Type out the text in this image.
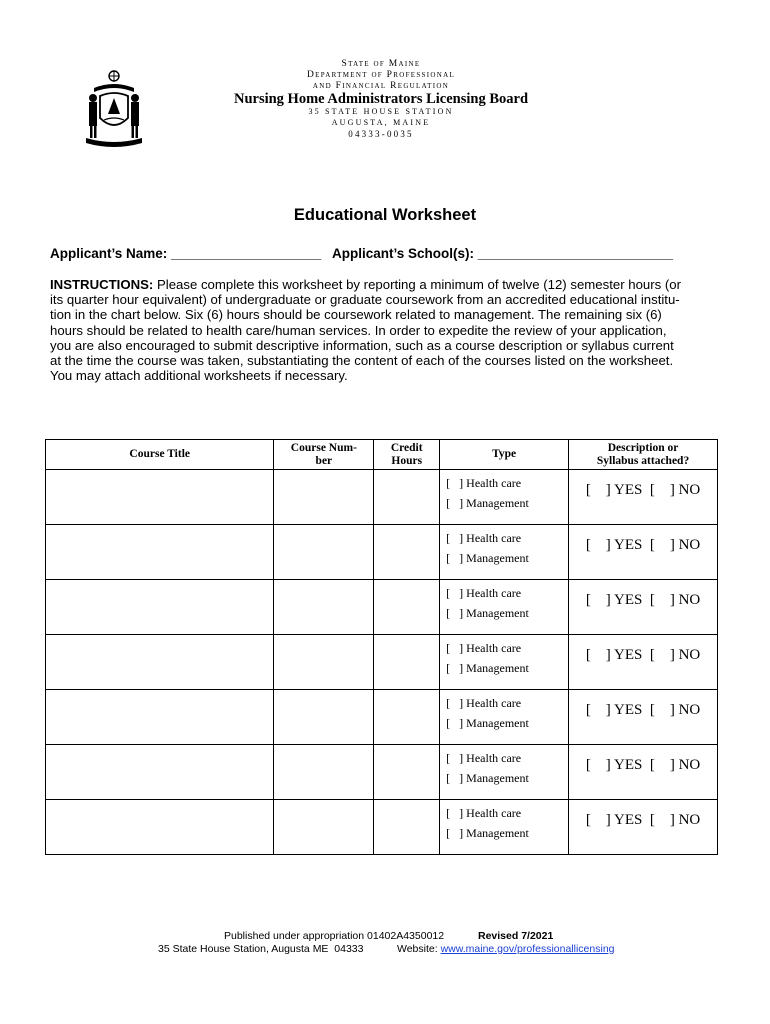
State of Maine
Department of Professional
and Financial Regulation
Nursing Home Administrators Licensing Board
35 STATE HOUSE STATION
AUGUSTA, MAINE
04333-0035
Educational Worksheet
Applicant’s Name: ____________________ Applicant’s School(s): __________________________

INSTRUCTIONS: Please complete this worksheet by reporting a minimum of twelve (12) semester hours (or

its quarter hour equivalent) of undergraduate or graduate coursework from an accredited educational institu-

tion in the chart below. Six (6) hours should be coursework related to management. The remaining six (6)

hours should be related to health care/human services. In order to expedite the review of your application,

you are also encouraged to submit descriptive information, such as a course description or syllabus current

at the time the course was taken, substantiating the content of each of the courses listed on the worksheet.

You may attach additional worksheets if necessary.

Course Title	Course Num-
ber	Credit
Hours	Type	Description or
Syllabus attached?

			[   ] Health care
[   ] Management	[    ] YES  [    ] NO

			[   ] Health care
[   ] Management	[    ] YES  [    ] NO

			[   ] Health care
[   ] Management	[    ] YES  [    ] NO

			[   ] Health care
[   ] Management	[    ] YES  [    ] NO

			[   ] Health care
[   ] Management	[    ] YES  [    ] NO

			[   ] Health care
[   ] Management	[    ] YES  [    ] NO

			[   ] Health care
[   ] Management	[    ] YES  [    ] NO
Published under appropriation 01402A4350012	Revised 7/2021
35 State House Station, Augusta ME  04333	Website: www.maine.gov/professionallicensing
